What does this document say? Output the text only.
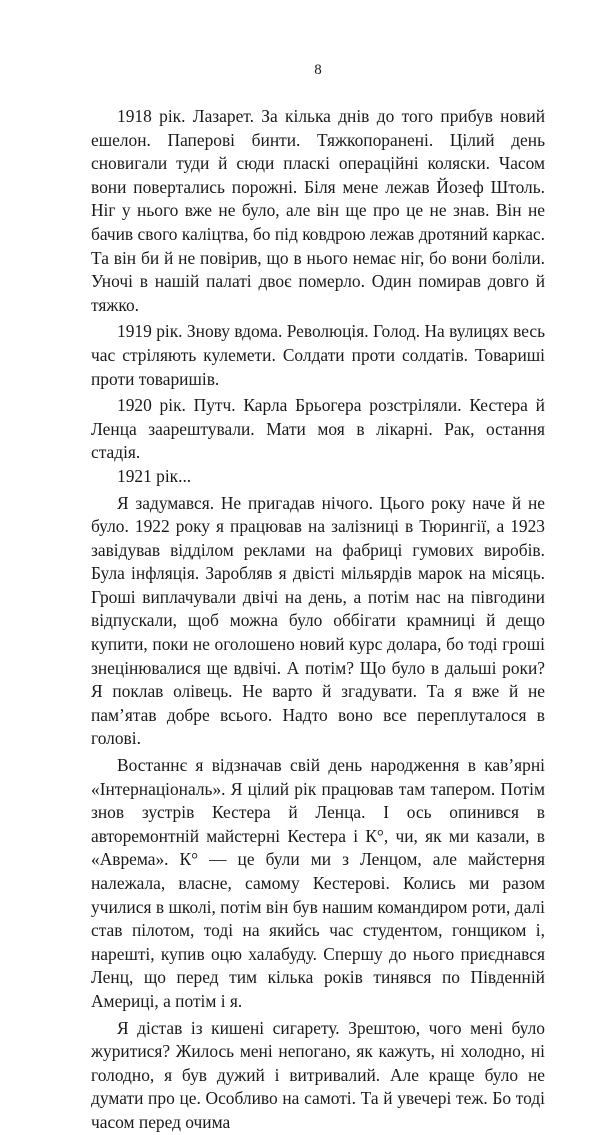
8

1918 рік. Лазарет. За кілька днів до того прибув новий ешелон. Паперові бинти. Тяжкопоранені. Цілий день сновигали туди й сюди пласкі операційні коляски. Часом вони повертались порожні. Біля мене лежав Йозеф Штоль. Ніг у нього вже не було, але він ще про це не знав. Він не бачив свого каліцтва, бо під ковдрою лежав дротяний каркас. Та він би й не повірив, що в нього немає ніг, бо вони боліли. Уночі в нашій палаті двоє померло. Один помирав довго й тяжко.

1919 рік. Знову вдома. Революція. Голод. На вулицях весь час стріляють кулемети. Солдати проти солдатів. Товариші проти товаришів.

1920 рік. Путч. Карла Брьогера розстріляли. Кестера й Ленца заарештували. Мати моя в лікарні. Рак, остання стадія.

1921 рік...

Я задумався. Не пригадав нічого. Цього року наче й не було. 1922 року я працював на залізниці в Тюрингії, а 1923 завідував відділом реклами на фабриці гумових виробів. Була інфляція. Заробляв я двісті мільярдів марок на місяць. Гроші виплачували двічі на день, а потім нас на півгодини відпускали, щоб можна було оббігати крамниці й дещо купити, поки не оголошено новий курс долара, бо тоді гроші знецінювалися ще вдвічі. А потім? Що було в дальші роки? Я поклав олівець. Не варто й згадувати. Та я вже й не пам’ятав добре всього. Надто воно все переплуталося в голові.

Востаннє я відзначав свій день народження в кав’ярні «Інтернаціональ». Я цілий рік працював там тапером. Потім знов зустрів Кестера й Ленца. І ось опинився в авторемонтній майстерні Кестера і К°, чи, як ми казали, в «Аврема». К° — це були ми з Ленцом, але майстерня належала, власне, самому Кестерові. Колись ми разом училися в школі, потім він був нашим командиром роти, далі став пілотом, тоді на якийсь час студентом, гонщиком і, нарешті, купив оцю халабуду. Спершу до нього приєднався Ленц, що перед тим кілька років тинявся по Південній Америці, а потім і я.

Я дістав із кишені сигарету. Зрештою, чого мені було журитися? Жилось мені непогано, як кажуть, ні холодно, ні голодно, я був дужий і витривалий. Але краще було не думати про це. Особливо на самоті. Та й увечері теж. Бо тоді часом перед очима
